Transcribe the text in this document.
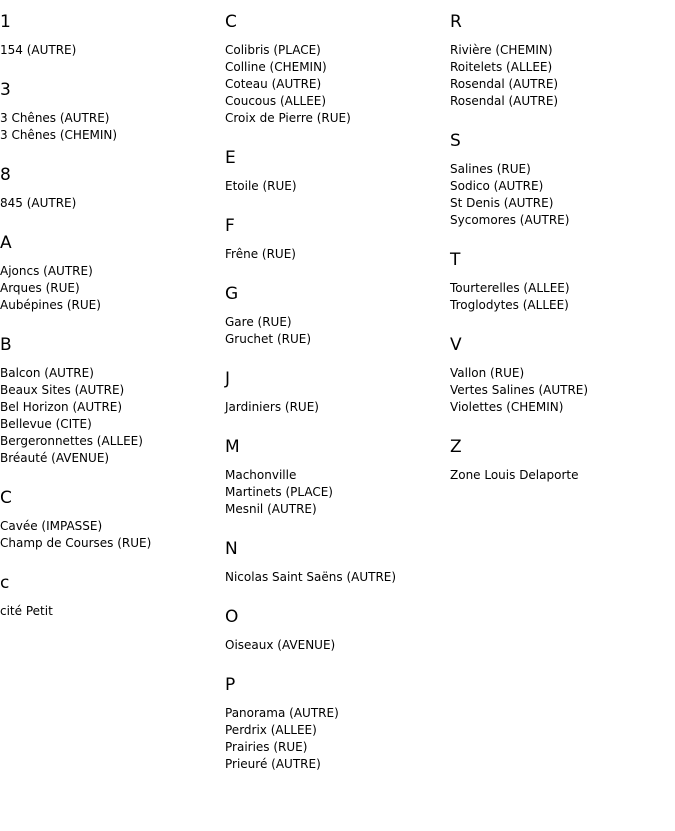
1
154 (AUTRE)
3
3 Chênes (AUTRE)
3 Chênes (CHEMIN)
8
845 (AUTRE)
A
Ajoncs (AUTRE)
Arques (RUE)
Aubépines (RUE)
B
Balcon (AUTRE)
Beaux Sites (AUTRE)
Bel Horizon (AUTRE)
Bellevue (CITE)
Bergeronnettes (ALLEE)
Bréauté (AVENUE)
C
Cavée (IMPASSE)
Champ de Courses (RUE)
c
cité Petit
C
Colibris (PLACE)
Colline (CHEMIN)
Coteau (AUTRE)
Coucous (ALLEE)
Croix de Pierre (RUE)
E
Etoile (RUE)
F
Frêne (RUE)
G
Gare (RUE)
Gruchet (RUE)
J
Jardiniers (RUE)
M
Machonville
Martinets (PLACE)
Mesnil (AUTRE)
N
Nicolas Saint Saëns (AUTRE)
O
Oiseaux (AVENUE)
P
Panorama (AUTRE)
Perdrix (ALLEE)
Prairies (RUE)
Prieuré (AUTRE)
R
Rivière (CHEMIN)
Roitelets (ALLEE)
Rosendal (AUTRE)
Rosendal (AUTRE)
S
Salines (RUE)
Sodico (AUTRE)
St Denis (AUTRE)
Sycomores (AUTRE)
T
Tourterelles (ALLEE)
Troglodytes (ALLEE)
V
Vallon (RUE)
Vertes Salines (AUTRE)
Violettes (CHEMIN)
Z
Zone Louis Delaporte
